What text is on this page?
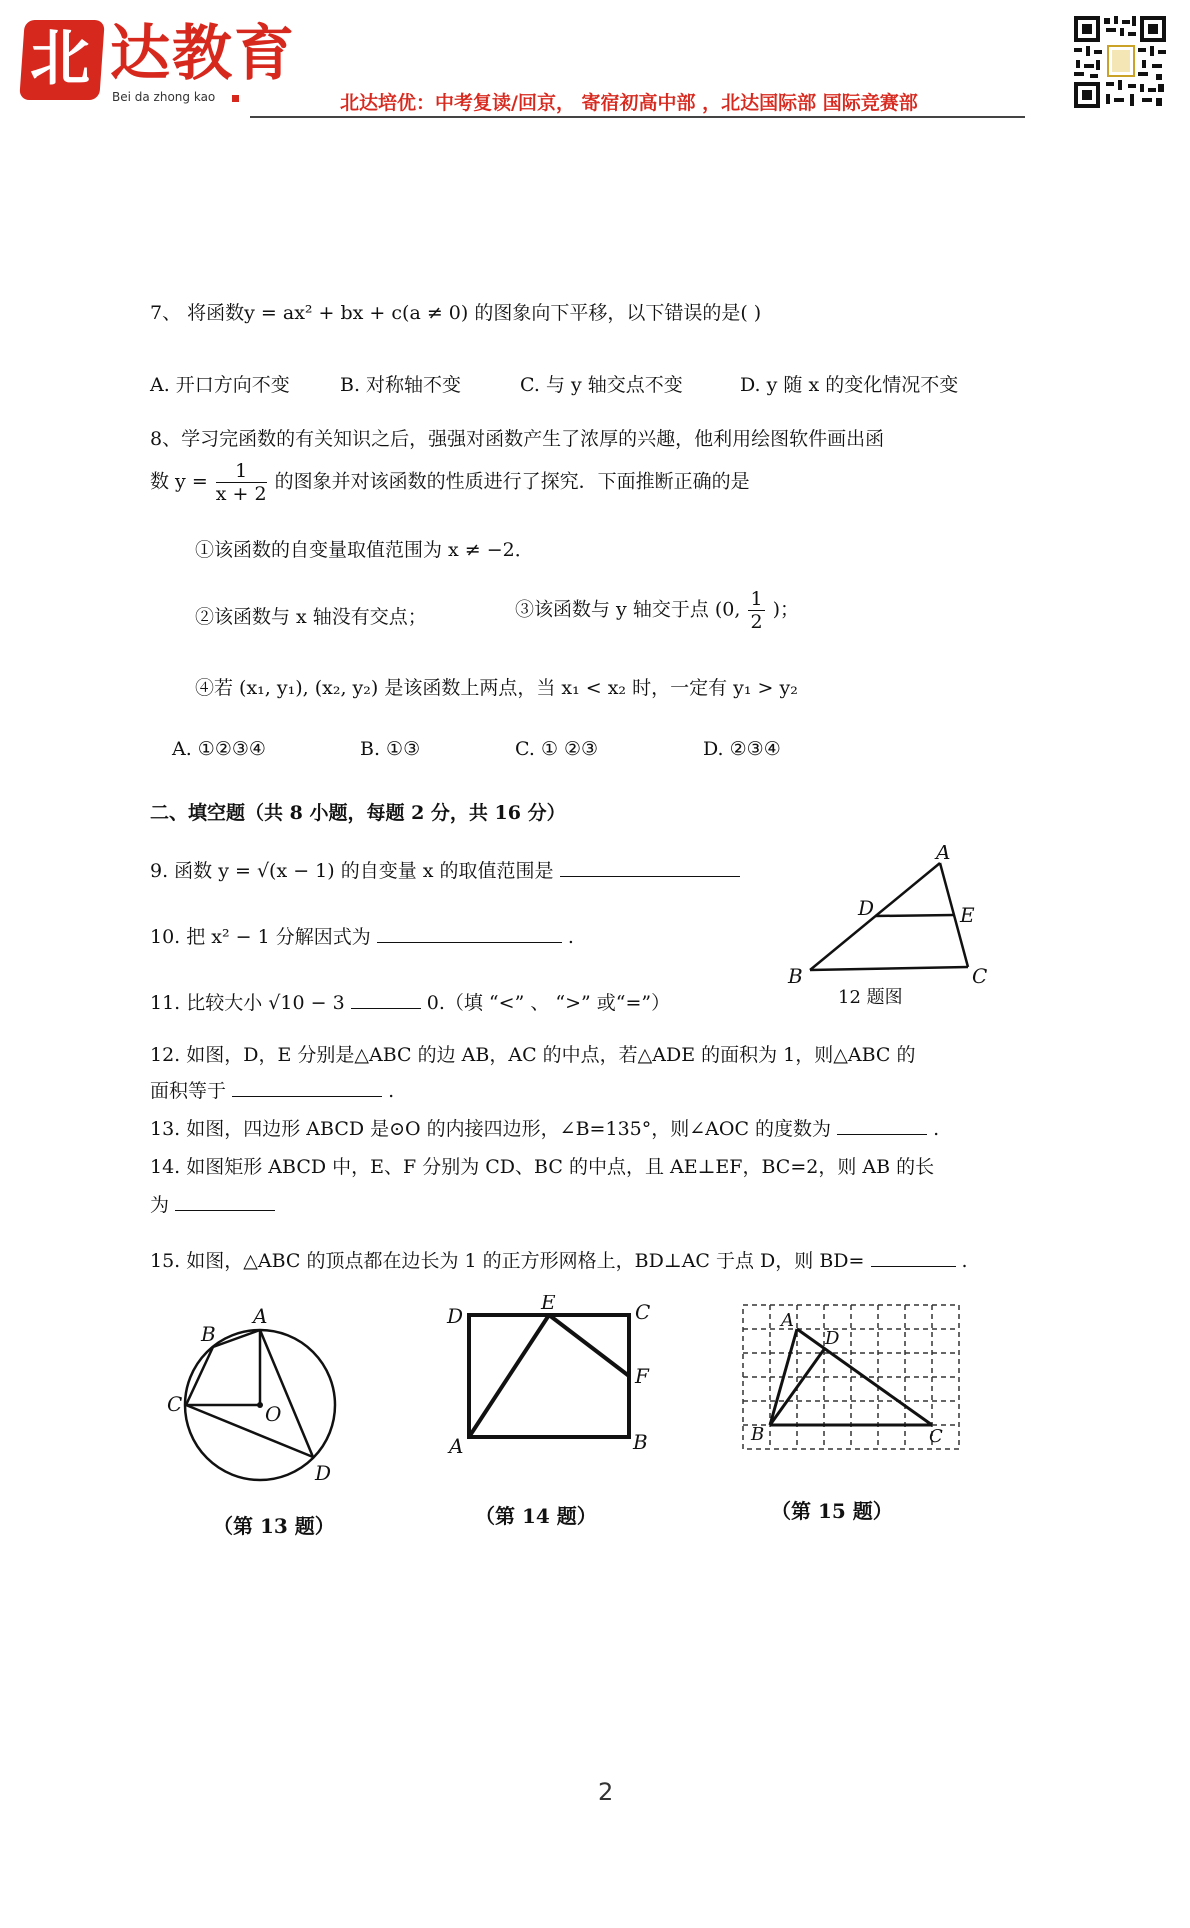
北 达教育
Bei da zhong kao	北达培优：中考复读/回京， 寄宿初高中部 ，北达国际部 国际竞赛部
7、 将函数y = ax² + bx + c(a ≠ 0) 的图象向下平移，以下错误的是( )
A. 开口方向不变	B. 对称轴不变	C. 与 y 轴交点不变	D. y 随 x 的变化情况不变
8、学习完函数的有关知识之后，强强对函数产生了浓厚的兴趣，他利用绘图软件画出函
数 $y = \frac{1}{x + 2}$ 的图象并对该函数的性质进行了探究．下面推断正确的是
①该函数的自变量取值范围为 x ≠ −2．
②该函数与 x 轴没有交点；	③该函数与 y 轴交于点 (0, $\frac{1}{2}$ )；
④若 (x₁, y₁), (x₂, y₂) 是该函数上两点，当 x₁ < x₂ 时，一定有 y₁ > y₂
A. ①②③④	B. ①③	C. ① ②③	D. ②③④
二、填空题（共 8 小题，每题 2 分，共 16 分）
9. 函数 y = √(x − 1) 的自变量 x 的取值范围是
10. 把 x² − 1 分解因式为	.
11. 比较大小 √10 − 3	0.（填 “<” 、 “>” 或“=”）
A
D	E
B	C
12 题图
12. 如图，D，E 分别是△ABC 的边 AB，AC 的中点，若△ADE 的面积为 1，则△ABC 的
面积等于	.
13. 如图，四边形 ABCD 是⊙O 的内接四边形，∠B=135°，则∠AOC 的度数为	.
14. 如图矩形 ABCD 中，E、F 分别为 CD、BC 的中点，且 AE⊥EF，BC=2，则 AB 的长
为
15. 如图，△ABC 的顶点都在边长为 1 的正方形网格上，BD⊥AC 于点 D，则 BD=	.
A
B
C	O
D
（第 13 题）
D
E	C
F
A	B
（第 14 题）
A
D
B	C
（第 15 题）
2
